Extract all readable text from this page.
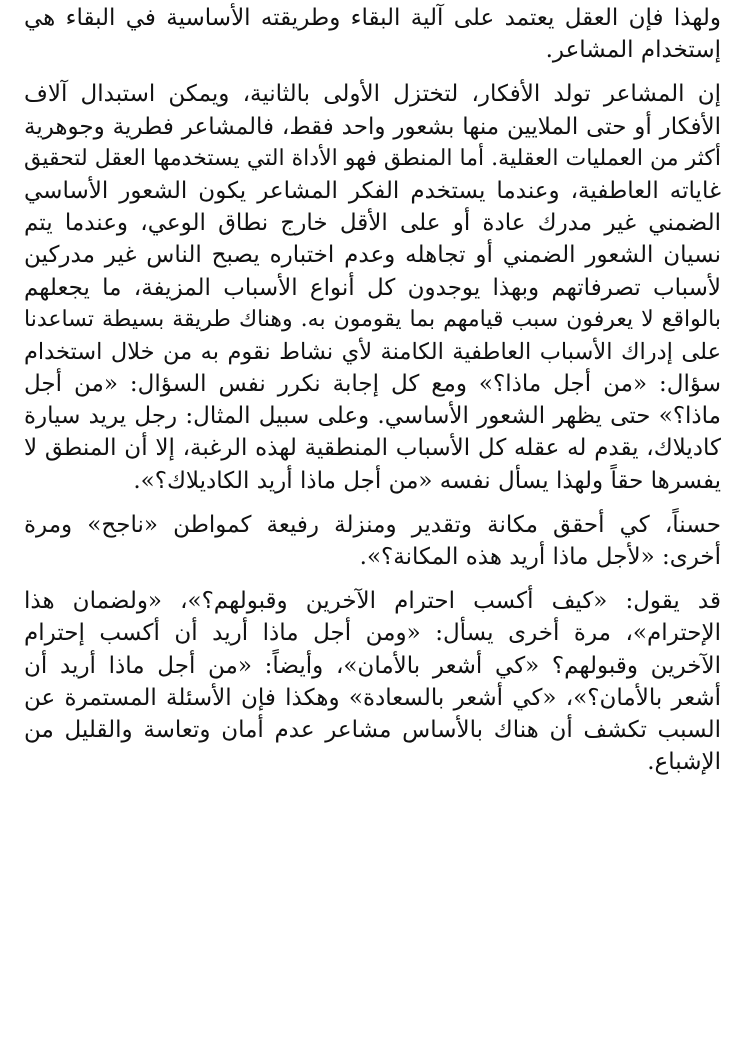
ولهذا فإن العقل يعتمد على آلية البقاء وطريقته الأساسية في البقاء هي
إستخدام المشاعر.
إن المشاعر تولد الأفكار، لتختزل الأولى بالثانية، ويمكن استبدال آلاف
الأفكار أو حتى الملايين منها بشعور واحد فقط، فالمشاعر فطرية وجوهرية
أكثر من العمليات العقلية. أما المنطق فهو الأداة التي يستخدمها العقل لتحقيق
غاياته العاطفية، وعندما يستخدم الفكر المشاعر يكون الشعور الأساسي
الضمني غير مدرك عادة أو على الأقل خارج نطاق الوعي، وعندما يتم
نسيان الشعور الضمني أو تجاهله وعدم اختباره يصبح الناس غير مدركين
لأسباب تصرفاتهم وبهذا يوجدون كل أنواع الأسباب المزيفة، ما يجعلهم
بالواقع لا يعرفون سبب قيامهم بما يقومون به. وهناك طريقة بسيطة تساعدنا
على إدراك الأسباب العاطفية الكامنة لأي نشاط نقوم به من خلال استخدام
سؤال: «من أجل ماذا؟» ومع كل إجابة نكرر نفس السؤال: «من أجل
ماذا؟» حتى يظهر الشعور الأساسي. وعلى سبيل المثال: رجل يريد سيارة
كاديلاك، يقدم له عقله كل الأسباب المنطقية لهذه الرغبة، إلا أن المنطق لا
يفسرها حقاً ولهذا يسأل نفسه «من أجل ماذا أريد الكاديلاك؟».
حسناً، كي أحقق مكانة وتقدير ومنزلة رفيعة كمواطن «ناجح» ومرة
أخرى: «لأجل ماذا أريد هذه المكانة؟».
قد يقول: «كيف أكسب احترام الآخرين وقبولهم؟»، «ولضمان هذا
الإحترام»، مرة أخرى يسأل: «ومن أجل ماذا أريد أن أكسب إحترام
الآخرين وقبولهم؟ «كي أشعر بالأمان»، وأيضاً: «من أجل ماذا أريد أن
أشعر بالأمان؟»، «كي أشعر بالسعادة» وهكذا فإن الأسئلة المستمرة عن
السبب تكشف أن هناك بالأساس مشاعر عدم أمان وتعاسة والقليل من
الإشباع.
